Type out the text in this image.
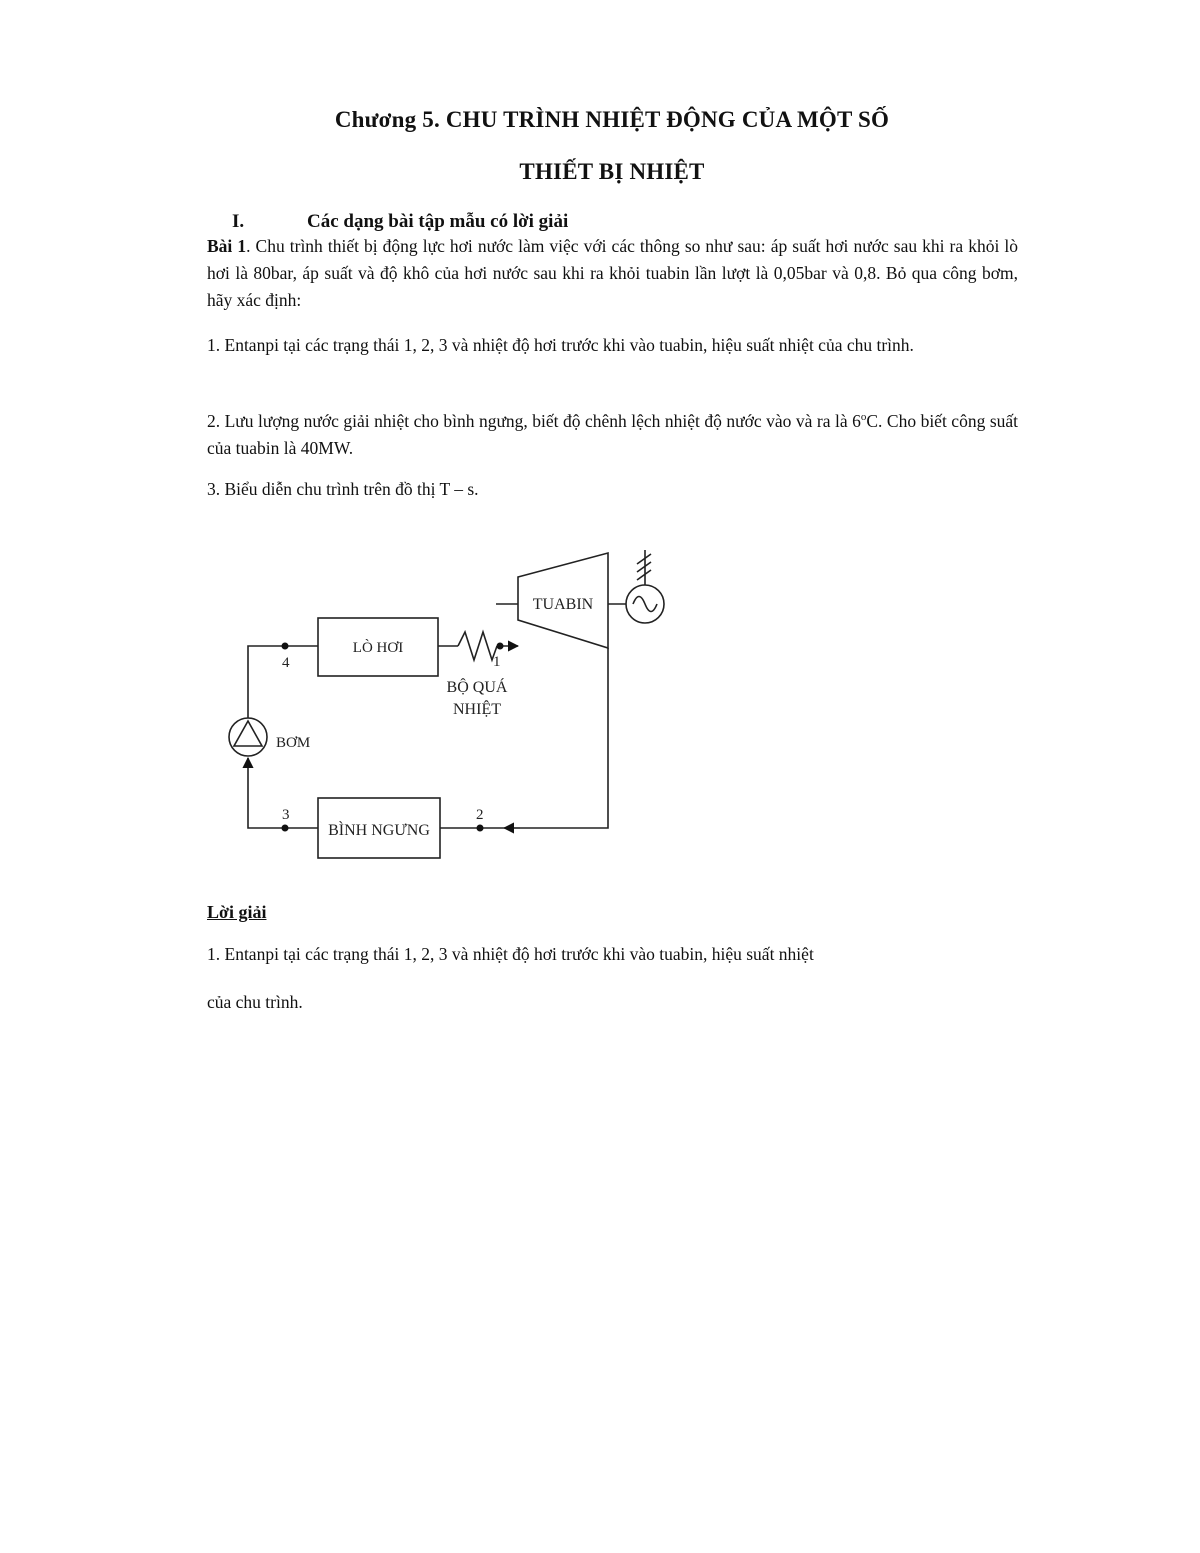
Chương 5. CHU TRÌNH NHIỆT ĐỘNG CỦA MỘT SỐ
THIẾT BỊ NHIỆT
I.	Các dạng bài tập mẫu có lời giải
Bài 1. Chu trình thiết bị động lực hơi nước làm việc với các thông so như sau: áp suất hơi nước sau khi ra khỏi lò hơi là 80bar, áp suất và độ khô của hơi nước sau khi ra khỏi tuabin lần lượt là 0,05bar và 0,8. Bỏ qua công bơm, hãy xác định:
1. Entanpi tại các trạng thái 1, 2, 3 và nhiệt độ hơi trước khi vào tuabin, hiệu suất nhiệt của chu trình.
2. Lưu lượng nước giải nhiệt cho bình ngưng, biết độ chênh lệch nhiệt độ nước vào và ra là 6$^o$C. Cho biết công suất của tuabin là 40MW.
3. Biểu diễn chu trình trên đồ thị T – s.
LÒ HƠI
TUABIN
BỘ QUÁ
NHIỆT
BƠM
BÌNH NGƯNG
1
2
3
4
Lời giải
1. Entanpi tại các trạng thái 1, 2, 3 và nhiệt độ hơi trước khi vào tuabin, hiệu suất nhiệt
của chu trình.
